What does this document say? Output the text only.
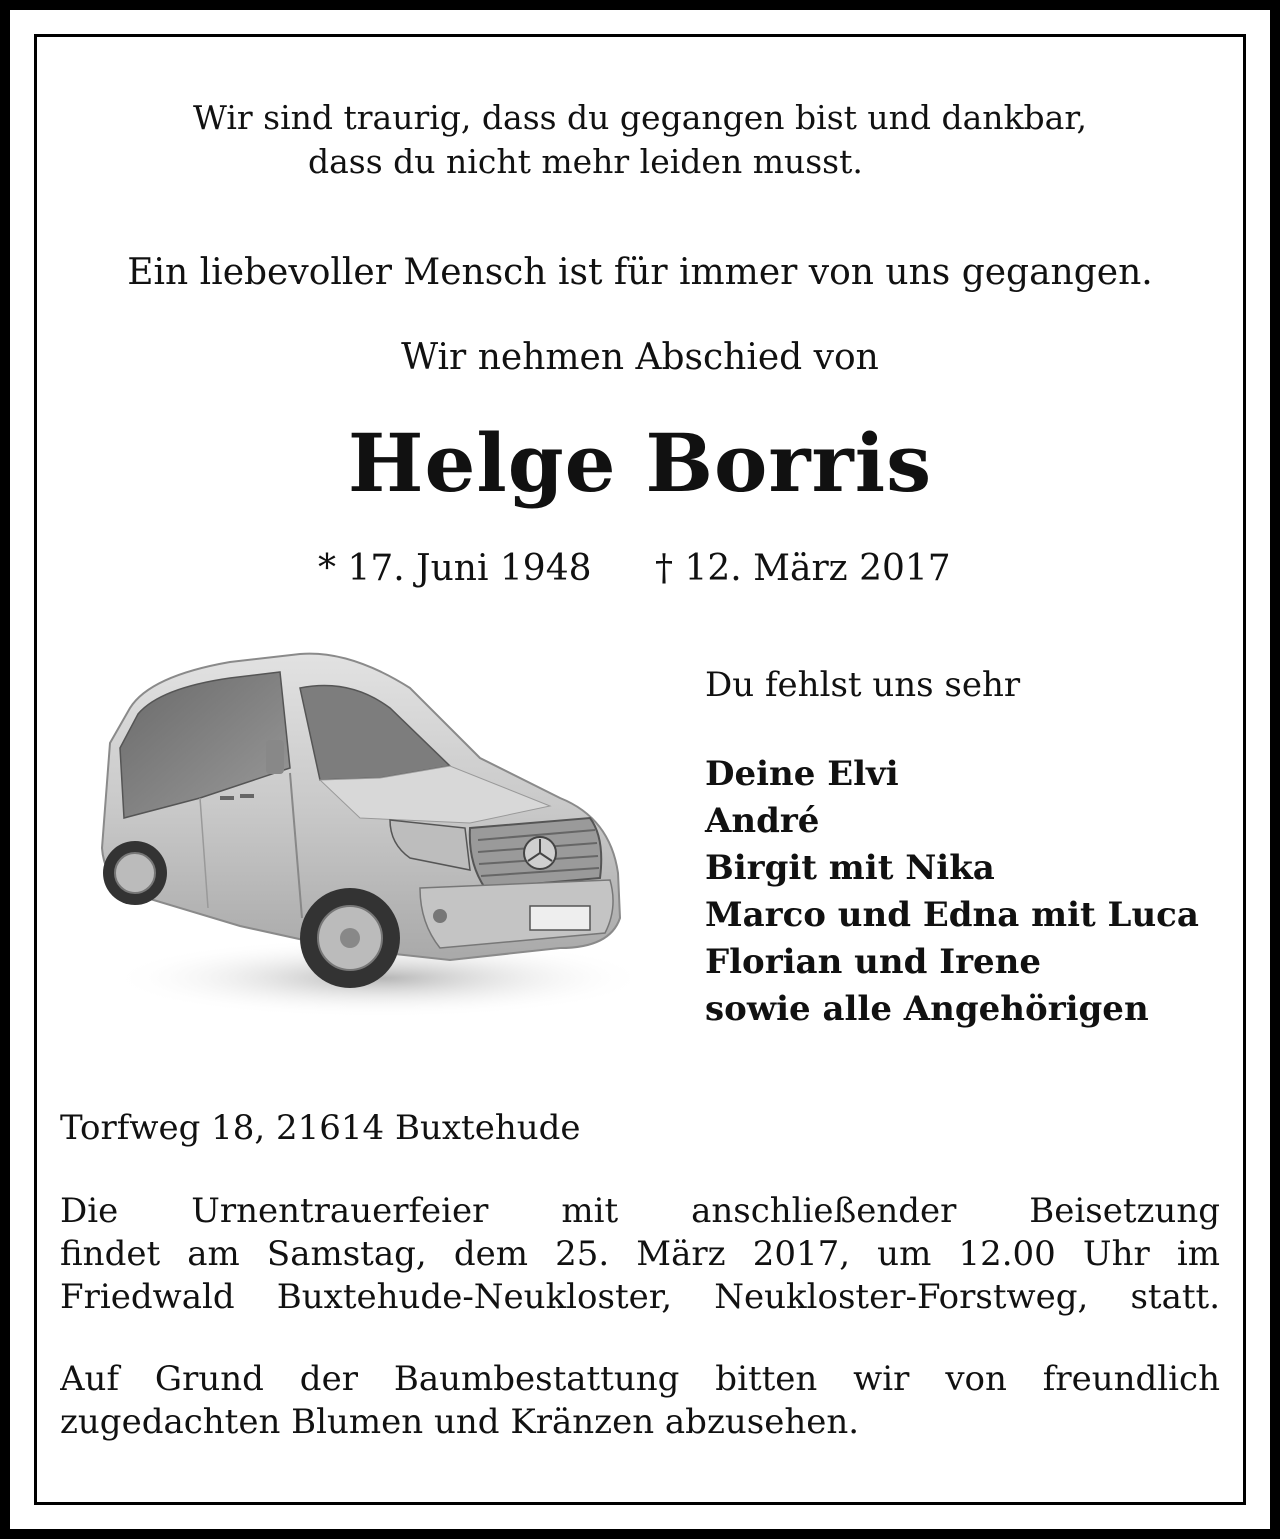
Wir sind traurig, dass du gegangen bist und dankbar,
dass du nicht mehr leiden musst.
Ein liebevoller Mensch ist für immer von uns gegangen.
Wir nehmen Abschied von
Helge Borris
* 17. Juni 1948 † 12. März 2017
Du fehlst uns sehr
Deine Elvi
André
Birgit mit Nika
Marco und Edna mit Luca
Florian und Irene
sowie alle Angehörigen
Torfweg 18, 21614 Buxtehude
Die Urnentrauerfeier mit anschließender Beisetzung
findet am Samstag, dem 25. März 2017, um 12.00 Uhr im
Friedwald Buxtehude-Neukloster, Neukloster-Forstweg, statt.
Auf Grund der Baumbestattung bitten wir von freundlich
zugedachten Blumen und Kränzen abzusehen.
